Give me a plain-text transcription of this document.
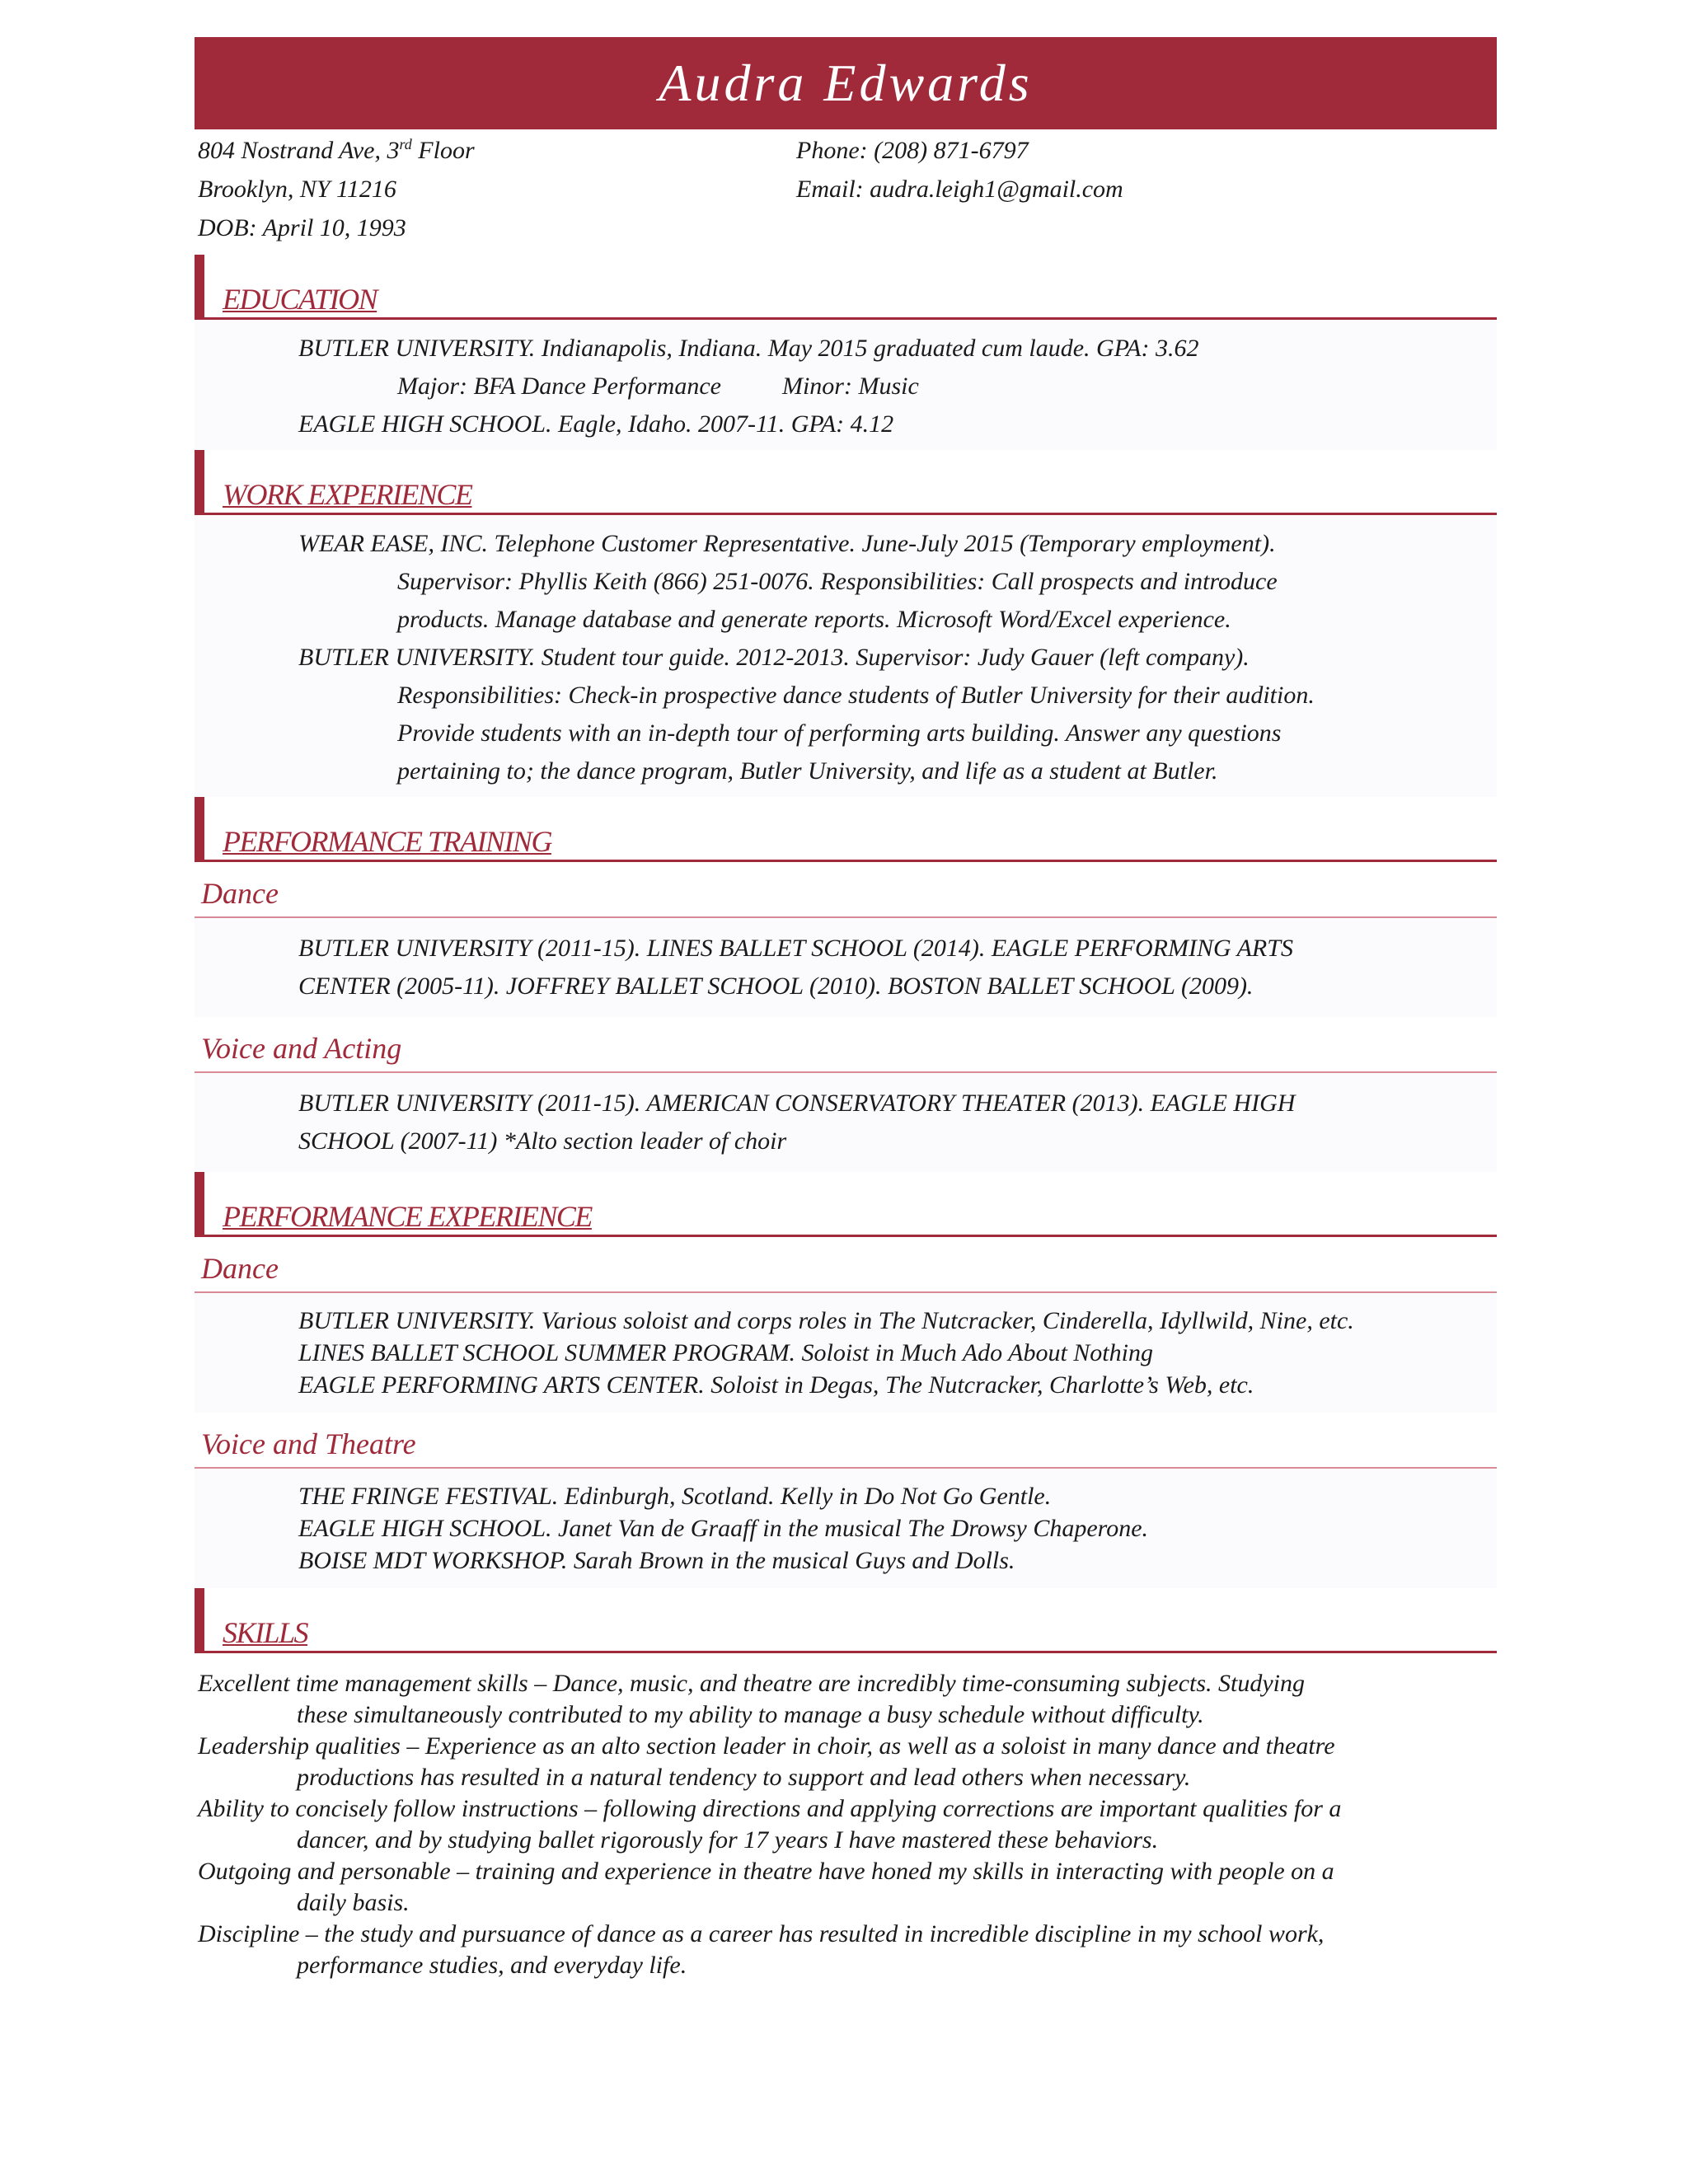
Audra Edwards
804 Nostrand Ave, 3rd Floor
Brooklyn, NY 11216
DOB: April 10, 1993
Phone: (208) 871-6797
Email: audra.leigh1@gmail.com
EDUCATION
BUTLER UNIVERSITY. Indianapolis, Indiana. May 2015 graduated cum laude. GPA: 3.62
Major: BFA Dance Performance Minor: Music
EAGLE HIGH SCHOOL. Eagle, Idaho. 2007-11. GPA: 4.12
WORK EXPERIENCE
WEAR EASE, INC. Telephone Customer Representative. June-July 2015 (Temporary employment).
Supervisor: Phyllis Keith (866) 251-0076. Responsibilities: Call prospects and introduce
products. Manage database and generate reports. Microsoft Word/Excel experience.
BUTLER UNIVERSITY. Student tour guide. 2012-2013. Supervisor: Judy Gauer (left company).
Responsibilities: Check-in prospective dance students of Butler University for their audition.
Provide students with an in-depth tour of performing arts building. Answer any questions
pertaining to; the dance program, Butler University, and life as a student at Butler.
PERFORMANCE TRAINING
Dance
BUTLER UNIVERSITY (2011-15). LINES BALLET SCHOOL (2014). EAGLE PERFORMING ARTS
CENTER (2005-11). JOFFREY BALLET SCHOOL (2010). BOSTON BALLET SCHOOL (2009).
Voice and Acting
BUTLER UNIVERSITY (2011-15). AMERICAN CONSERVATORY THEATER (2013). EAGLE HIGH
SCHOOL (2007-11) *Alto section leader of choir
PERFORMANCE EXPERIENCE
Dance
BUTLER UNIVERSITY. Various soloist and corps roles in The Nutcracker, Cinderella, Idyllwild, Nine, etc.
LINES BALLET SCHOOL SUMMER PROGRAM. Soloist in Much Ado About Nothing
EAGLE PERFORMING ARTS CENTER. Soloist in Degas, The Nutcracker, Charlotte’s Web, etc.
Voice and Theatre
THE FRINGE FESTIVAL. Edinburgh, Scotland. Kelly in Do Not Go Gentle.
EAGLE HIGH SCHOOL. Janet Van de Graaff in the musical The Drowsy Chaperone.
BOISE MDT WORKSHOP. Sarah Brown in the musical Guys and Dolls.
SKILLS
Excellent time management skills – Dance, music, and theatre are incredibly time-consuming subjects. Studying
these simultaneously contributed to my ability to manage a busy schedule without difficulty.
Leadership qualities – Experience as an alto section leader in choir, as well as a soloist in many dance and theatre
productions has resulted in a natural tendency to support and lead others when necessary.
Ability to concisely follow instructions – following directions and applying corrections are important qualities for a
dancer, and by studying ballet rigorously for 17 years I have mastered these behaviors.
Outgoing and personable – training and experience in theatre have honed my skills in interacting with people on a
daily basis.
Discipline – the study and pursuance of dance as a career has resulted in incredible discipline in my school work,
performance studies, and everyday life.
